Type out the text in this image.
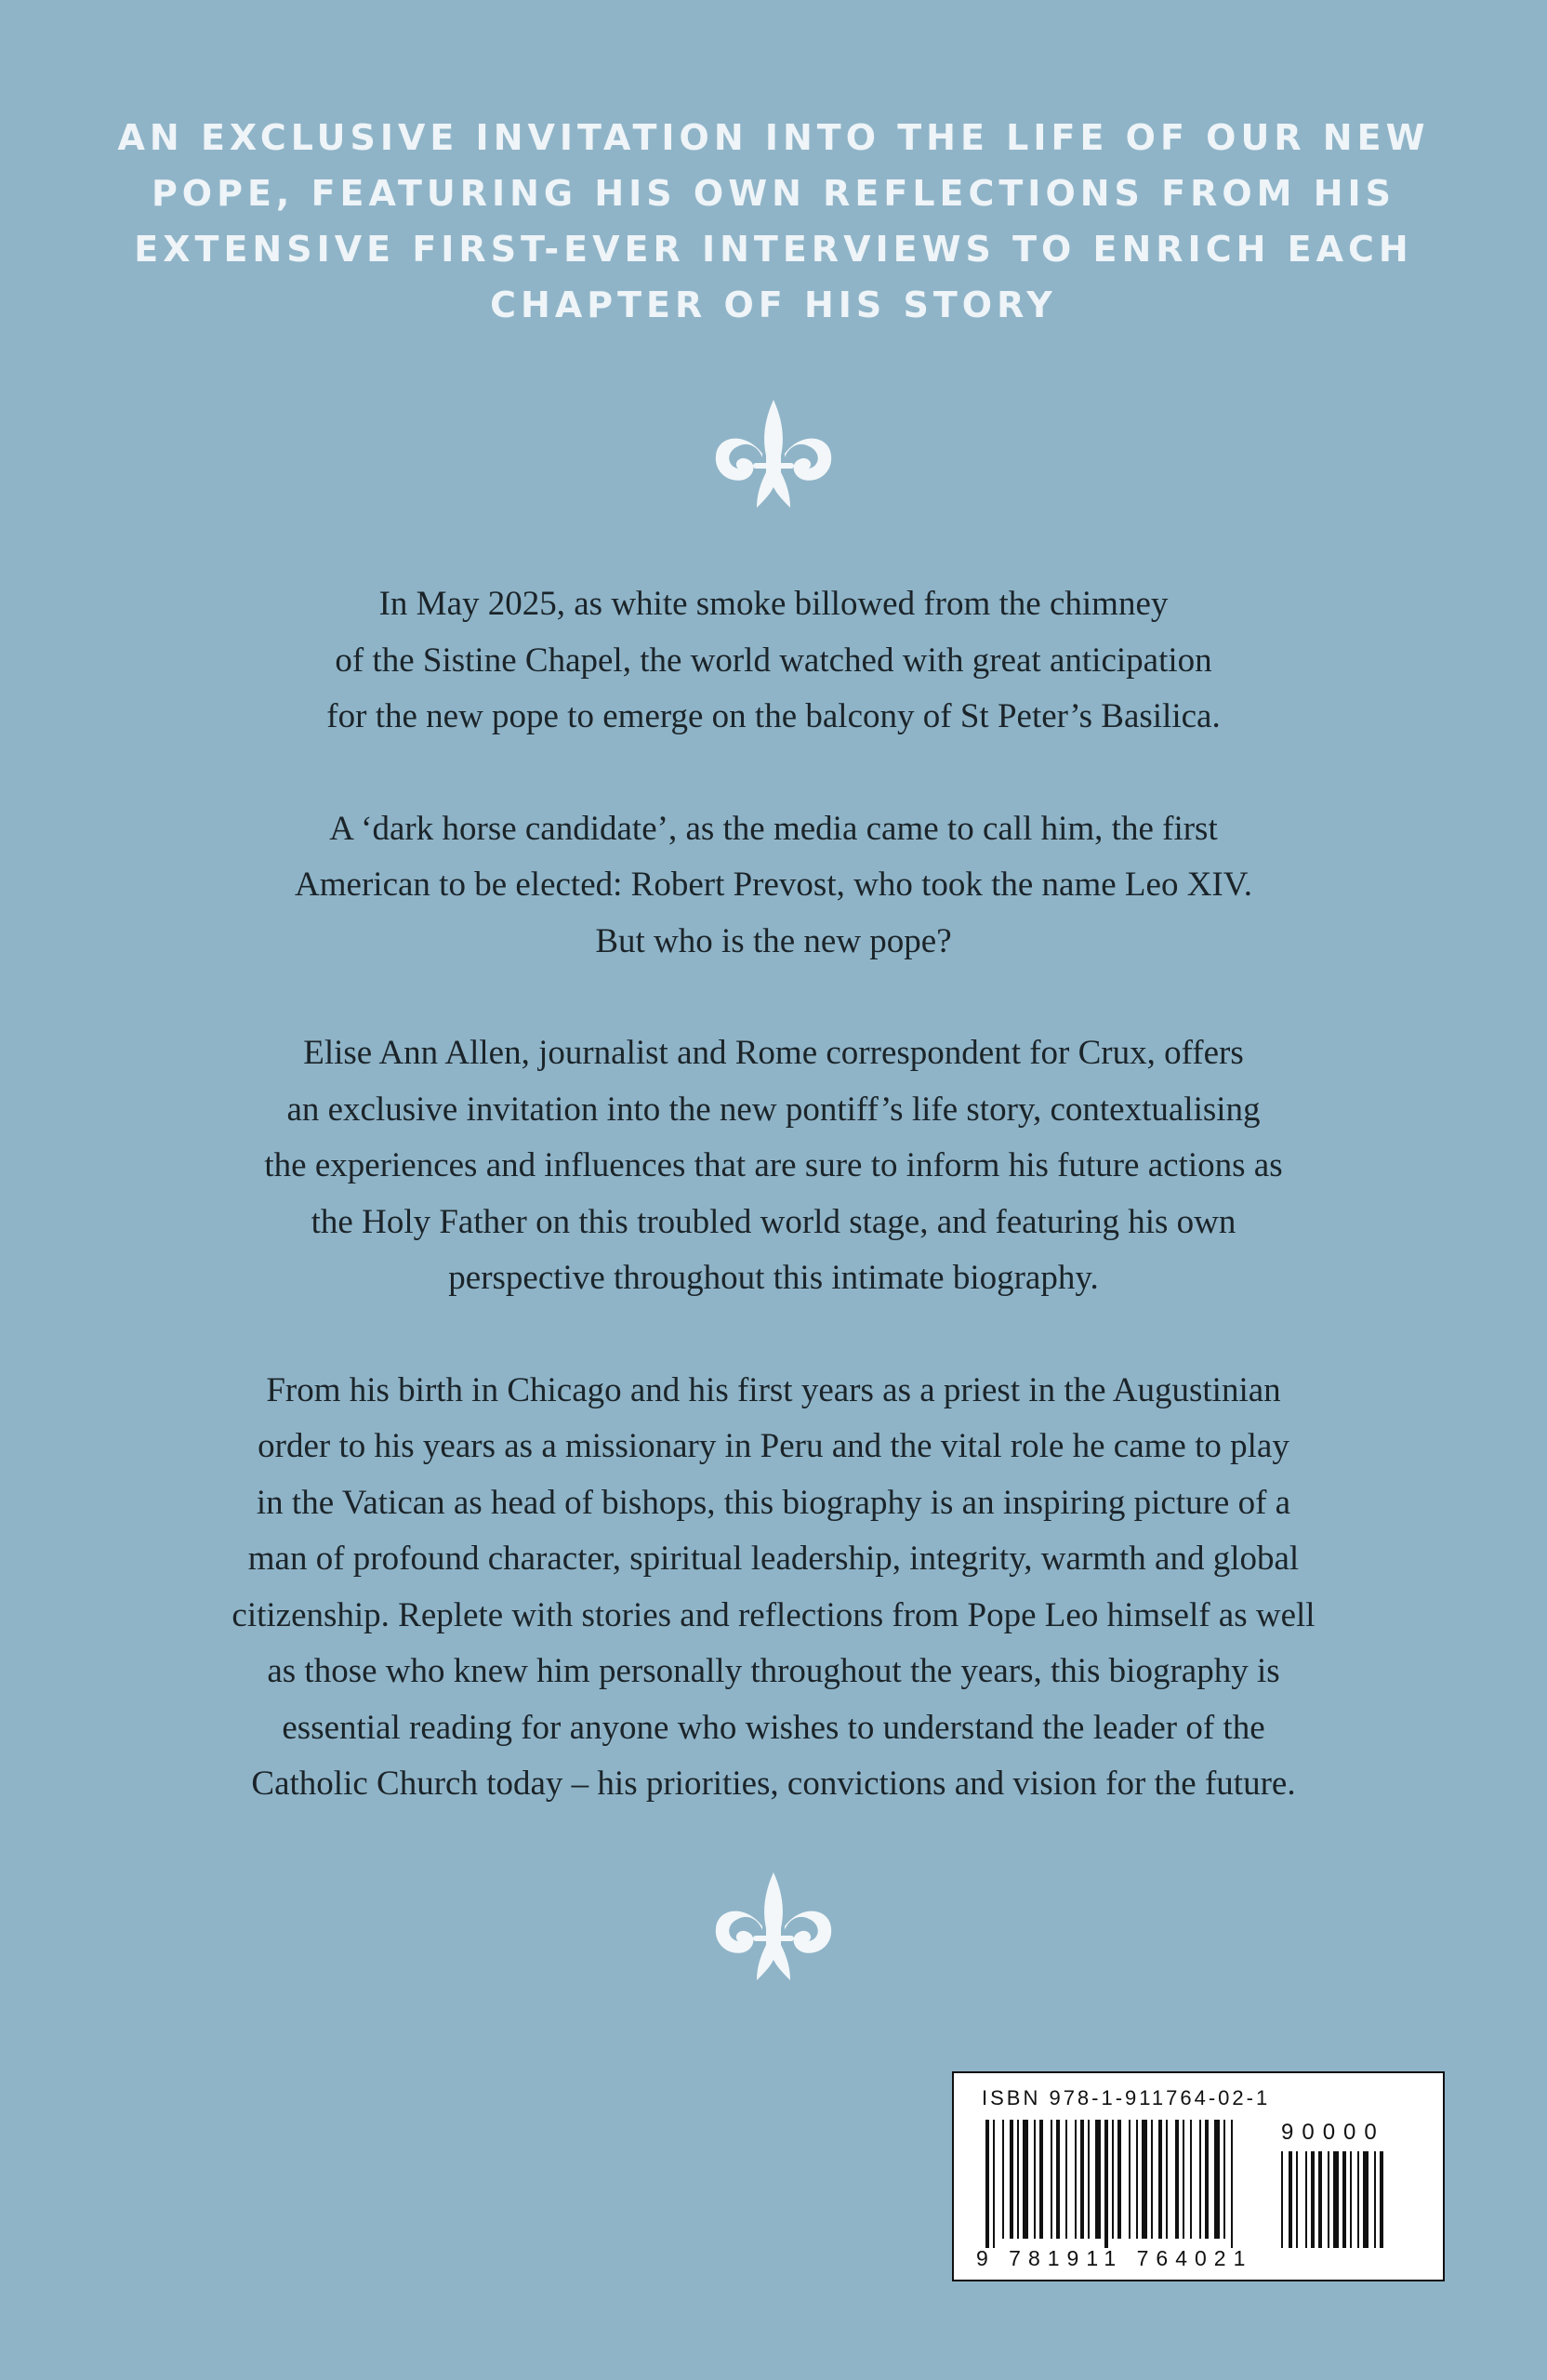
AN EXCLUSIVE INVITATION INTO THE LIFE OF OUR NEW POPE, FEATURING HIS OWN REFLECTIONS FROM HIS EXTENSIVE FIRST-EVER INTERVIEWS TO ENRICH EACH CHAPTER OF HIS STORY

In May 2025, as white smoke billowed from the chimney
of the Sistine Chapel, the world watched with great anticipation
for the new pope to emerge on the balcony of St Peter’s Basilica.

A ‘dark horse candidate’, as the media came to call him, the first
American to be elected: Robert Prevost, who took the name Leo XIV.
But who is the new pope?

Elise Ann Allen, journalist and Rome correspondent for Crux, offers
an exclusive invitation into the new pontiff’s life story, contextualising
the experiences and influences that are sure to inform his future actions as
the Holy Father on this troubled world stage, and featuring his own
perspective throughout this intimate biography.

From his birth in Chicago and his first years as a priest in the Augustinian
order to his years as a missionary in Peru and the vital role he came to play
in the Vatican as head of bishops, this biography is an inspiring picture of a
man of profound character, spiritual leadership, integrity, warmth and global
citizenship. Replete with stories and reflections from Pope Leo himself as well
as those who knew him personally throughout the years, this biography is
essential reading for anyone who wishes to understand the leader of the
Catholic Church today – his priorities, convictions and vision for the future.

ISBN 978-1-911764-02-1
9 781911 764021
90000
